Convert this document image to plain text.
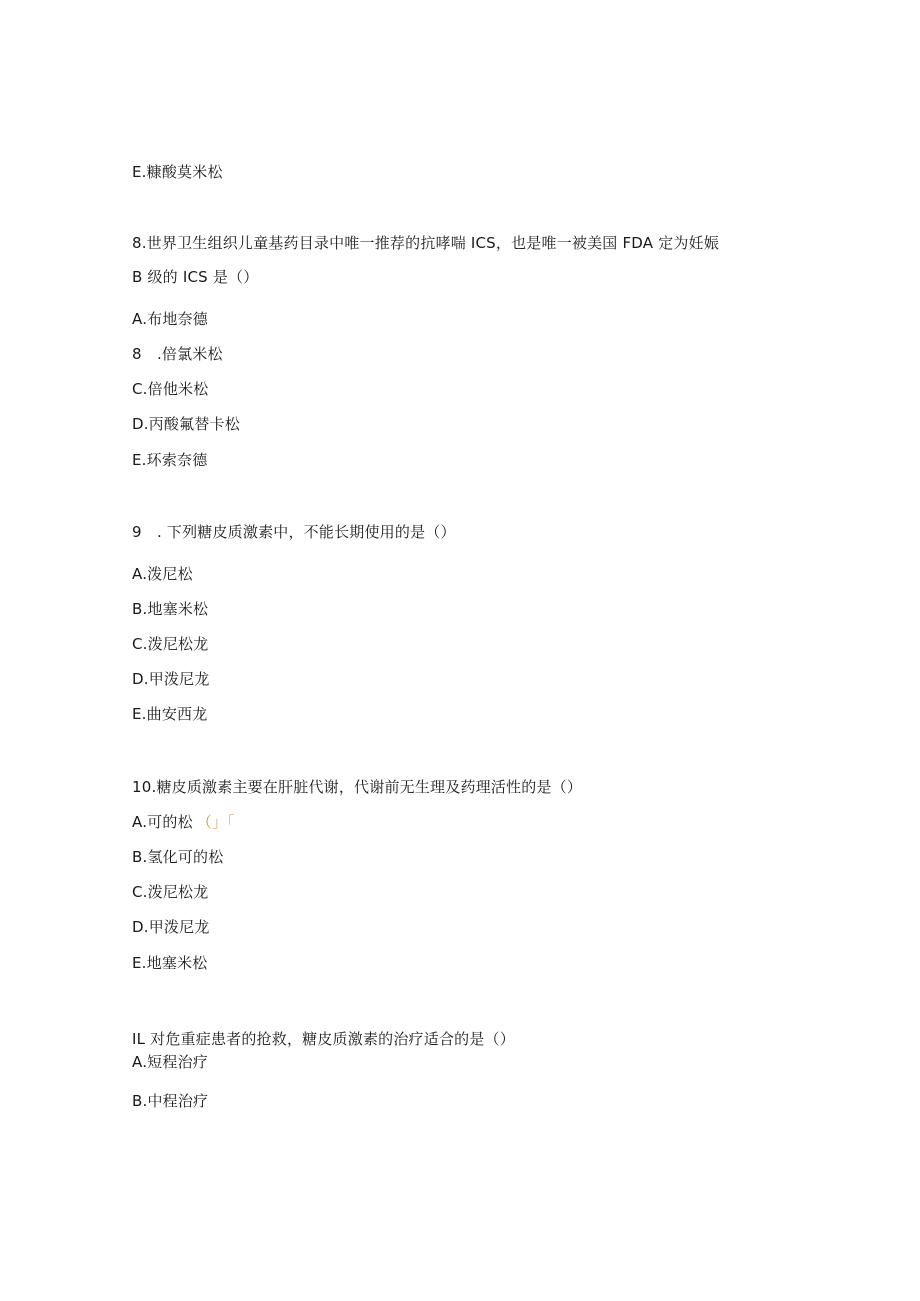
E.糠酸莫米松
8.世界卫生组织儿童基药目录中唯一推荐的抗哮喘 ICS，也是唯一被美国 FDA 定为妊娠
B 级的 ICS 是（）
A.布地奈德
8　.倍氯米松
C.倍他米松
D.丙酸氟替卡松
E.环索奈德
9　. 下列糖皮质激素中，不能长期使用的是（）
A.泼尼松
B.地塞米松
C.泼尼松龙
D.甲泼尼龙
E.曲安西龙
10.糖皮质激素主要在肝脏代谢，代谢前无生理及药理活性的是（）
A.可的松 （」「
B.氢化可的松
C.泼尼松龙
D.甲泼尼龙
E.地塞米松
IL 对危重症患者的抢救，糖皮质激素的治疗适合的是（）
A.短程治疗
B.中程治疗
